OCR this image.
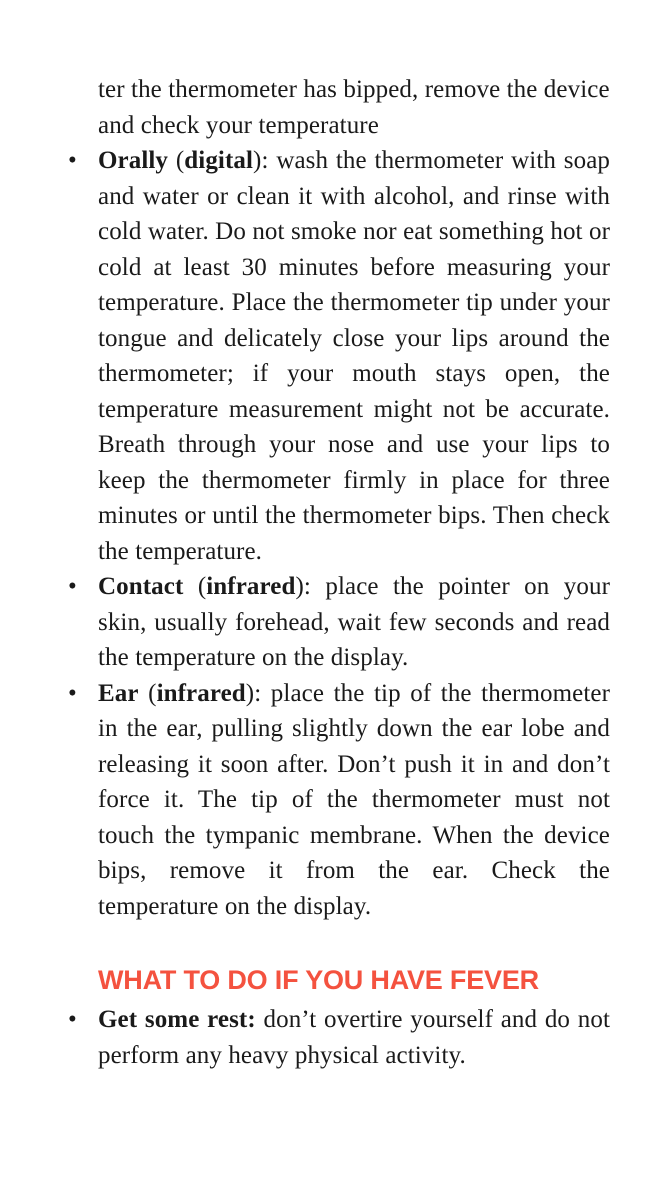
ter the thermometer has bipped, remove the device and check your temperature

• Orally (digital): wash the thermometer with soap and water or clean it with alcohol, and rinse with cold water. Do not smoke nor eat something hot or cold at least 30 minutes before measuring your temperature. Place the thermometer tip under your tongue and delicately close your lips around the thermometer; if your mouth stays open, the temperature measurement might not be accurate. Breath through your nose and use your lips to keep the thermometer firmly in place for three minutes or until the thermometer bips. Then check the temperature.
• Contact (infrared): place the pointer on your skin, usually forehead, wait few seconds and read the temperature on the display.
• Ear (infrared): place the tip of the thermometer in the ear, pulling slightly down the ear lobe and releasing it soon after. Don’t push it in and don’t force it. The tip of the thermometer must not touch the tympanic membrane. When the device bips, remove it from the ear. Check the temperature on the display.
WHAT TO DO IF YOU HAVE FEVER
• Get some rest: don’t overtire yourself and do not perform any heavy physical activity.
